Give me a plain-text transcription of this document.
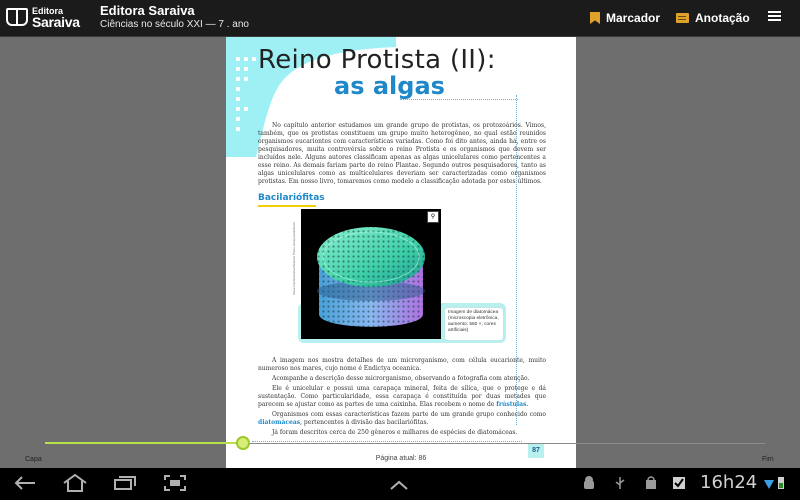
Editora
Saraiva
Editora Saraiva
Ciências no século XXI — 7 . ano	Marcador	Anotação
Reino Protista (II):
as algas
No capítulo anterior estudamos um grande grupo de protistas, os protozoários. Vimos, também, que os protistas constituem um grupo muito heterogêneo, no qual estão reunidos organismos eucariontes com características variadas. Como foi dito antes, ainda há, entre os pesquisadores, muita controvérsia sobre o reino Protista e os organismos que devem ser incluídos nele. Alguns autores classificam apenas as algas unicelulares como pertencentes a esse reino. As demais fariam parte do reino Plantae. Segundo outros pesquisadores, tanto as algas unicelulares como as multicelulares deveriam ser caracterizadas como organismos protistas. Em nosso livro, tomaremos como modelo a classificação adotada por estes últimos.
Bacilariófitas
Steve Gschmeissner/Science Photo Library/LatinStock
⚲
Imagem de diatomácea (microscopia eletrônica, aumento: 560 ×; cores artificiais)

A imagem nos mostra detalhes de um microrganismo, com célula eucarionte, muito numeroso nos mares, cujo nome é Endictya oceanica.

Acompanhe a descrição desse microrganismo, observando a fotografia com atenção.

Ele é unicelular e possui uma carapaça mineral, feita de sílica, que o protege e dá sustentação. Como particularidade, essa carapaça é constituída por duas metades que parecem se ajustar como as partes de uma caixinha. Elas recebem o nome de frústulas.

Organismos com essas características fazem parte de um grande grupo conhecido como diatomáceas, pertencentes à divisão das bacilariófitas.

Já foram descritos cerca de 250 gêneros e milhares de espécies de diatomáceas.

87
Página atual: 86
Capa	Fim
16h24
